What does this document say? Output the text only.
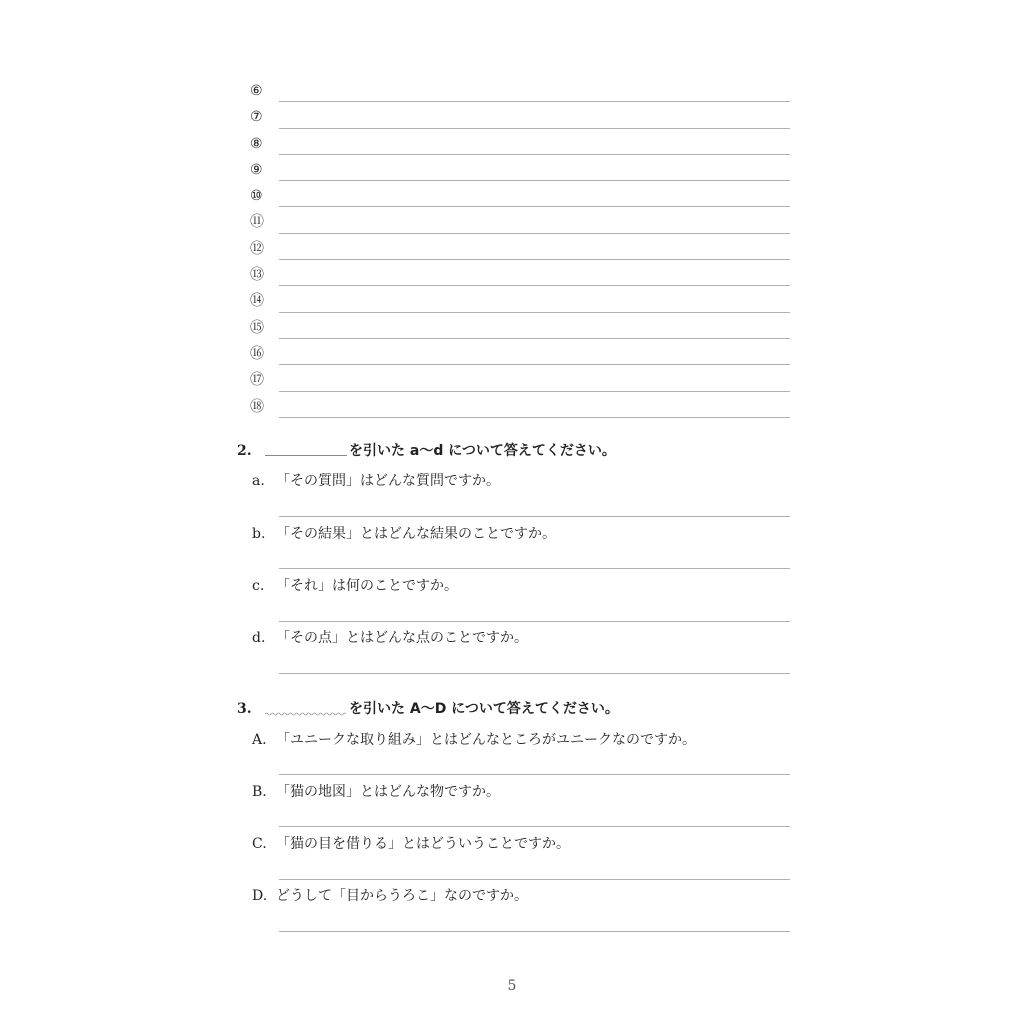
⑥
⑦
⑧
⑨
⑩
⑪
⑫
⑬
⑭
⑮
⑯
⑰
⑱
2.	を引いた a〜d について答えてください。
a. 「その質問」はどんな質問ですか。
b. 「その結果」とはどんな結果のことですか。
c. 「それ」は何のことですか。
d. 「その点」とはどんな点のことですか。
3.	を引いた A〜D について答えてください。
A. 「ユニークな取り組み」とはどんなところがユニークなのですか。
B. 「猫の地図」とはどんな物ですか。
C. 「猫の目を借りる」とはどういうことですか。
D. どうして「目からうろこ」なのですか。
5
